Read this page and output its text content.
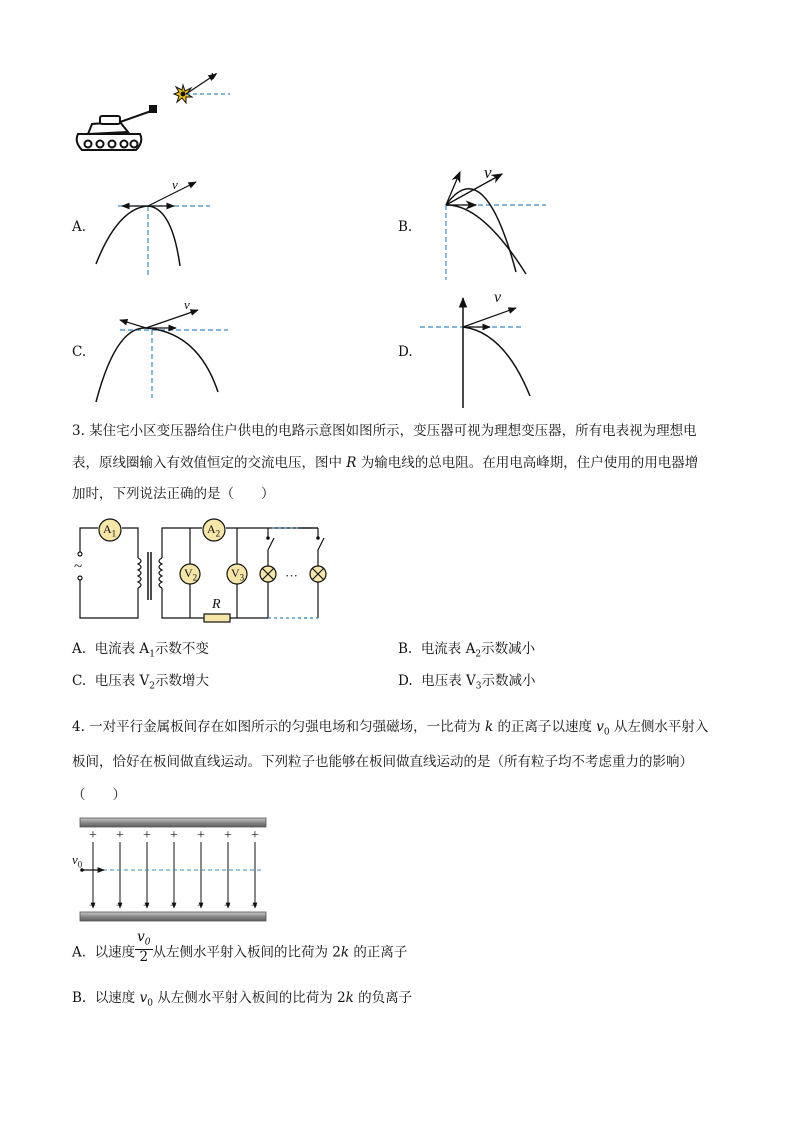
v
A.
v
B.
v
C.
v
D.
v
3. 某住宅小区变压器给住户供电的电路示意图如图所示，变压器可视为理想变压器，所有电表视为理想电
表，原线圈输入有效值恒定的交流电压，图中 R 为输电线的总电阻。在用电高峰期，住户使用的用电器增
加时，下列说法正确的是（　　）
$A_1$	$A_2$
$V_2$	$V_3$
R
~
···
A. 电流表 $A_1$示数不变	B. 电流表 $A_2$示数减小
C. 电压表 $V_2$示数增大	D. 电压表 $V_3$示数减小
4. 一对平行金属板间存在如图所示的匀强电场和匀强磁场，一比荷为 k 的正离子以速度 $v_0$ 从左侧水平射入
板间，恰好在板间做直线运动。下列粒子也能够在板间做直线运动的是（所有粒子均不考虑重力的影响）
（　　）
+ + + + + + +
− − − − − − −
$v_0$
A. 以速度 $\frac{v_0}{2}$ 从左侧水平射入板间的比荷为 2k 的正离子
B. 以速度 $v_0$ 从左侧水平射入板间的比荷为 2k 的负离子
